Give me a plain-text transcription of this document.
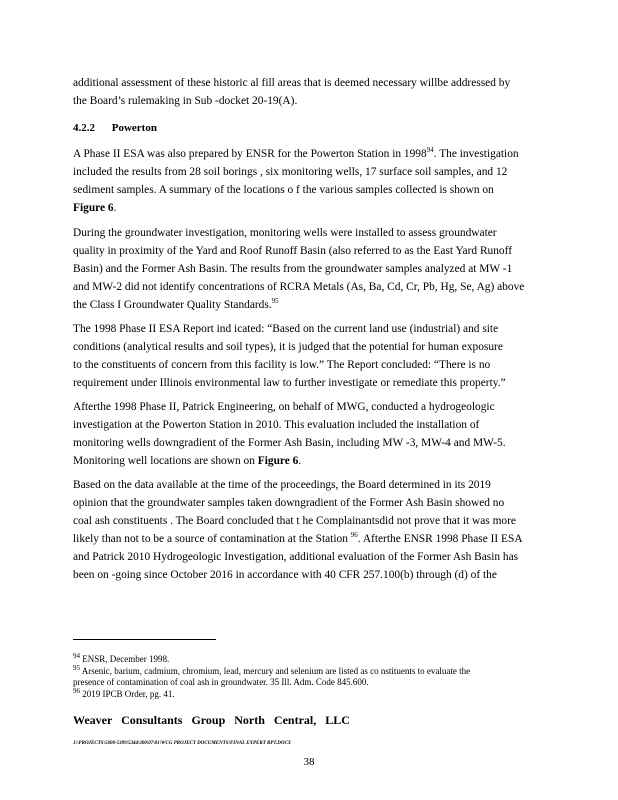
additional assessment of these historic al fill areas that is deemed necessary willbe addressed by
the Board’s rulemaking in Sub -docket 20-19(A).
4.2.2 Powerton
A Phase II ESA was also prepared by ENSR for the Powerton Station in 1998$^{94}$. The investigation
included the results from 28 soil borings , six monitoring wells, 17 surface soil samples, and 12
sediment samples. A summary of the locations o f the various samples collected is shown on
Figure 6.
During the groundwater investigation, monitoring wells were installed to assess groundwater
quality in proximity of the Yard and Roof Runoff Basin (also referred to as the East Yard Runoff
Basin) and the Former Ash Basin. The results from the groundwater samples analyzed at MW -1
and MW-2 did not identify concentrations of RCRA Metals (As, Ba, Cd, Cr, Pb, Hg, Se, Ag) above
the Class I Groundwater Quality Standards.$^{95}$
The 1998 Phase II ESA Report ind icated: “Based on the current land use (industrial) and site
conditions (analytical results and soil types), it is judged that the potential for human exposure
to the constituents of concern from this facility is low.” The Report concluded: “There is no
requirement under Illinois environmental law to further investigate or remediate this property.”
Afterthe 1998 Phase II, Patrick Engineering, on behalf of MWG, conducted a hydrogeologic
investigation at the Powerton Station in 2010. This evaluation included the installation of
monitoring wells downgradient of the Former Ash Basin, including MW -3, MW-4 and MW-5.
Monitoring well locations are shown on Figure 6.
Based on the data available at the time of the proceedings, the Board determined in its 2019
opinion that the groundwater samples taken downgradient of the Former Ash Basin showed no
coal ash constituents . The Board concluded that t he Complainantsdid not prove that it was more
likely than not to be a source of contamination at the Station $^{96}$. Afterthe ENSR 1998 Phase II ESA
and Patrick 2010 Hydrogeologic Investigation, additional evaluation of the Former Ash Basin has
been on -going since October 2016 in accordance with 40 CFR 257.100(b) through (d) of the
$^{94}$ ENSR, December 1998.
$^{95}$ Arsenic, barium, cadmium, chromium, lead, mercury and selenium are listed as co nstituents to evaluate the
presence of contamination of coal ash in groundwater. 35 Ill. Adm. Code 845.600.
$^{96}$ 2019 IPCB Order, pg. 41.
Weaver Consultants Group North Central, LLC
J:\PROJECTS\5000-5399\5344\300\07\01\WCG PROJECT DOCUMENTS\FINAL EXPERT RPT.DOCX
38
